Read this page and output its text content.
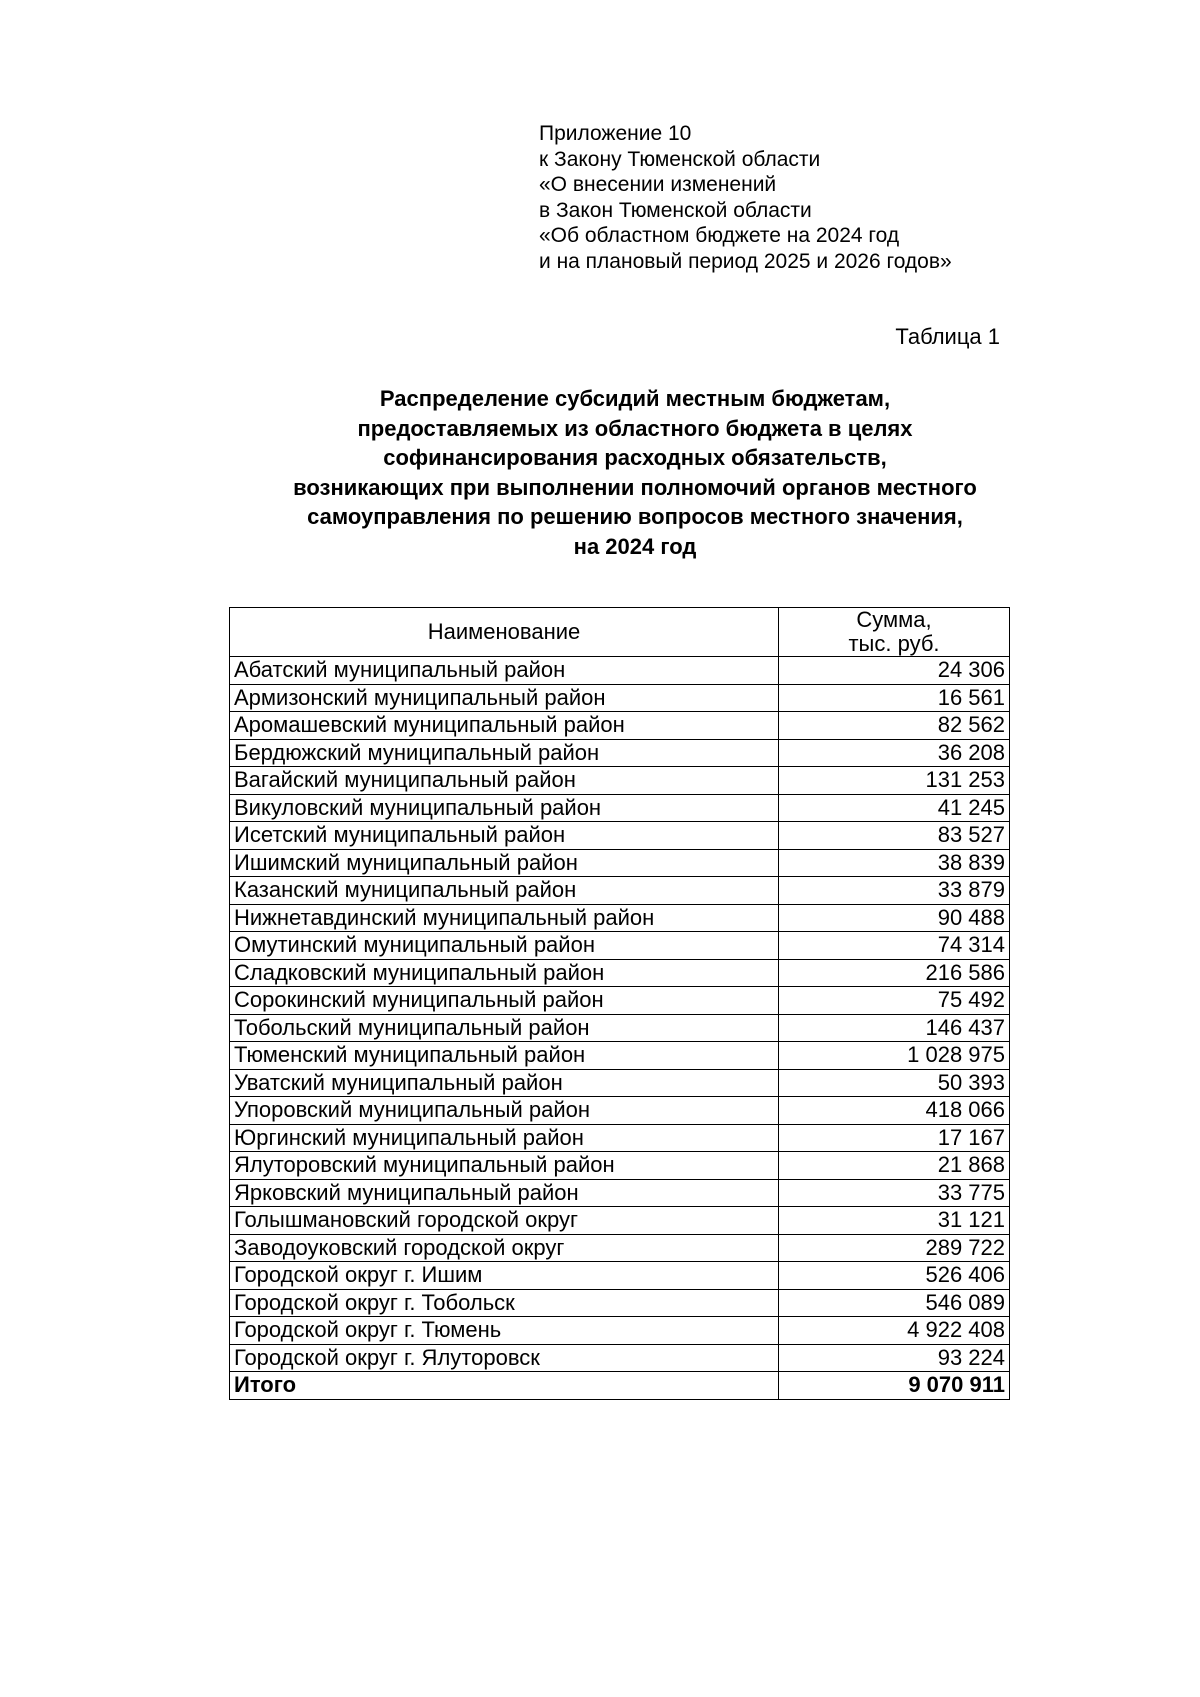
Приложение 10
к Закону Тюменской области
«О внесении изменений
в Закон Тюменской области
«Об областном бюджете на 2024 год
и на плановый период 2025 и 2026 годов»
Таблица 1
Распределение субсидий местным бюджетам,
предоставляемых из областного бюджета в целях
софинансирования расходных обязательств,
возникающих при выполнении полномочий органов местного
самоуправления по решению вопросов местного значения,
на 2024 год
Наименование	Сумма,
тыс. руб.

Абатский муниципальный район	24 306
Армизонский муниципальный район	16 561
Аромашевский муниципальный район	82 562
Бердюжский муниципальный район	36 208
Вагайский муниципальный район	131 253
Викуловский муниципальный район	41 245
Исетский муниципальный район	83 527
Ишимский муниципальный район	38 839
Казанский муниципальный район	33 879
Нижнетавдинский муниципальный район	90 488
Омутинский муниципальный район	74 314
Сладковский муниципальный район	216 586
Сорокинский муниципальный район	75 492
Тобольский муниципальный район	146 437
Тюменский муниципальный район	1 028 975
Уватский муниципальный район	50 393
Упоровский муниципальный район	418 066
Юргинский муниципальный район	17 167
Ялуторовский муниципальный район	21 868
Ярковский муниципальный район	33 775
Голышмановский городской округ	31 121
Заводоуковский городской округ	289 722
Городской округ г. Ишим	526 406
Городской округ г. Тобольск	546 089
Городской округ г. Тюмень	4 922 408
Городской округ г. Ялуторовск	93 224
Итого	9 070 911
